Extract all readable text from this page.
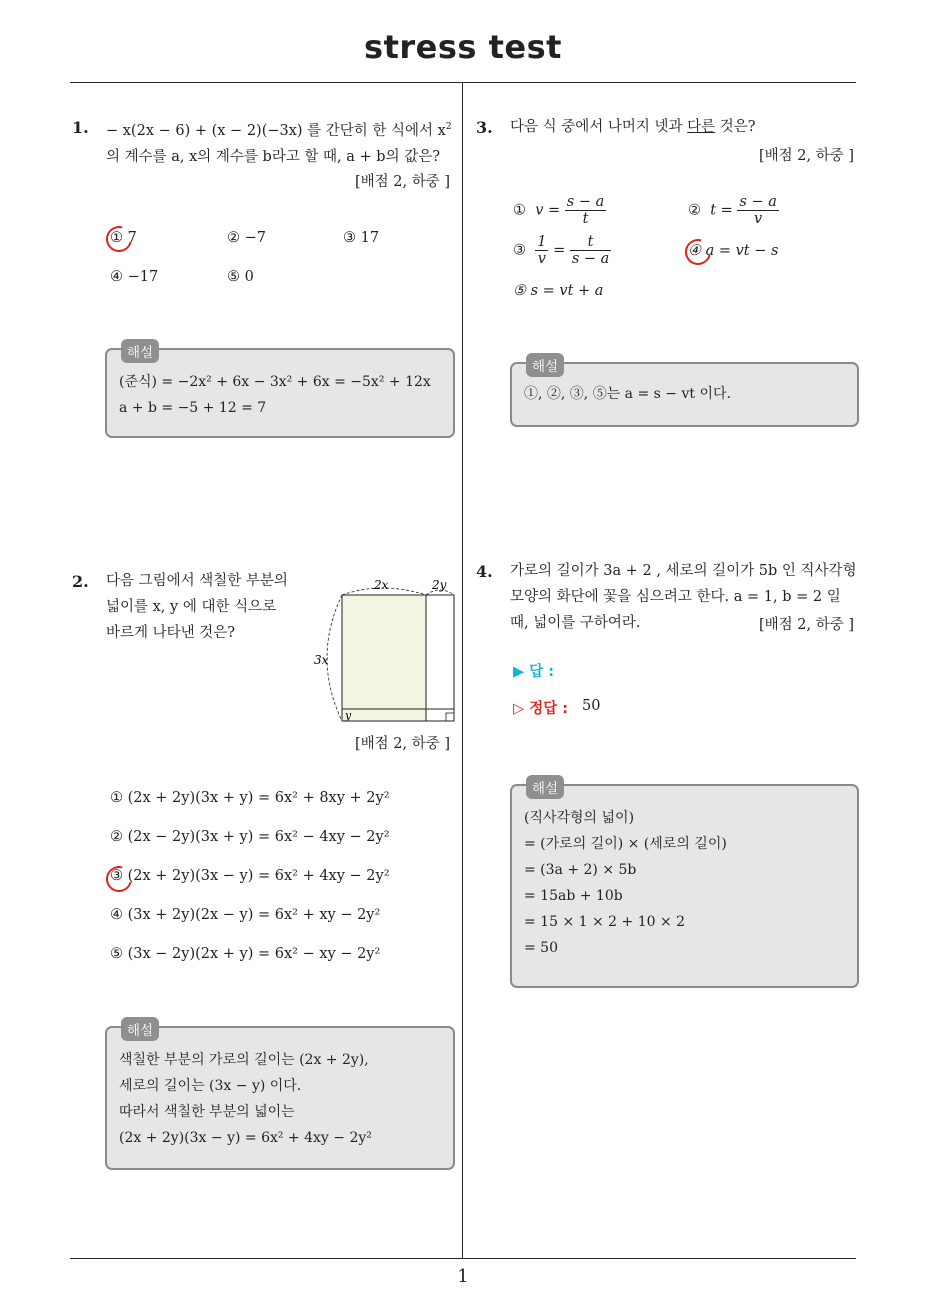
stress test
1
1. − x(2x − 6) + (x − 2)(−3x) 를 간단히 한 식에서 $x^2$
의 계수를 a, x의 계수를 b라고 할 때, a + b의 값은?
[배점 2, 하중 ]
① 7	② −7	③ 17
④ −17	⑤ 0
해설
(준식) = −2x² + 6x − 3x² + 6x = −5x² + 12x
a + b = −5 + 12 = 7
2. 다음 그림에서 색칠한 부분의
넓이를 x, y 에 대한 식으로
바르게 나타낸 것은?
2x	2y
3x
y
[배점 2, 하중 ]
① (2x + 2y)(3x + y) = 6x² + 8xy + 2y²
② (2x − 2y)(3x + y) = 6x² − 4xy − 2y²
③ (2x + 2y)(3x − y) = 6x² + 4xy − 2y²
④ (3x + 2y)(2x − y) = 6x² + xy − 2y²
⑤ (3x − 2y)(2x + y) = 6x² − xy − 2y²
해설
색칠한 부분의 가로의 길이는 (2x + 2y),
세로의 길이는 (3x − y) 이다.
따라서 색칠한 부분의 넓이는
(2x + 2y)(3x − y) = 6x² + 4xy − 2y²
3. 다음 식 중에서 나머지 넷과 다른 것은?
[배점 2, 하중 ]
① $v = \frac{s - a}{t}$	② $t = \frac{s - a}{v}$
③ $\frac{1}{v} = \frac{t}{s - a}$	④ a = vt − s
⑤ s = vt + a
해설
①, ②, ③, ⑤는 a = s − vt 이다.
4. 가로의 길이가 3a + 2 , 세로의 길이가 5b 인 직사각형
모양의 화단에 꽃을 심으려고 한다. a = 1, b = 2 일
때, 넓이를 구하여라.	[배점 2, 하중 ]
▶ 답 :
▷ 정답 : 50
해설
(직사각형의 넓이)
= (가로의 길이) × (세로의 길이)
= (3a + 2) × 5b
= 15ab + 10b
= 15 × 1 × 2 + 10 × 2
= 50
